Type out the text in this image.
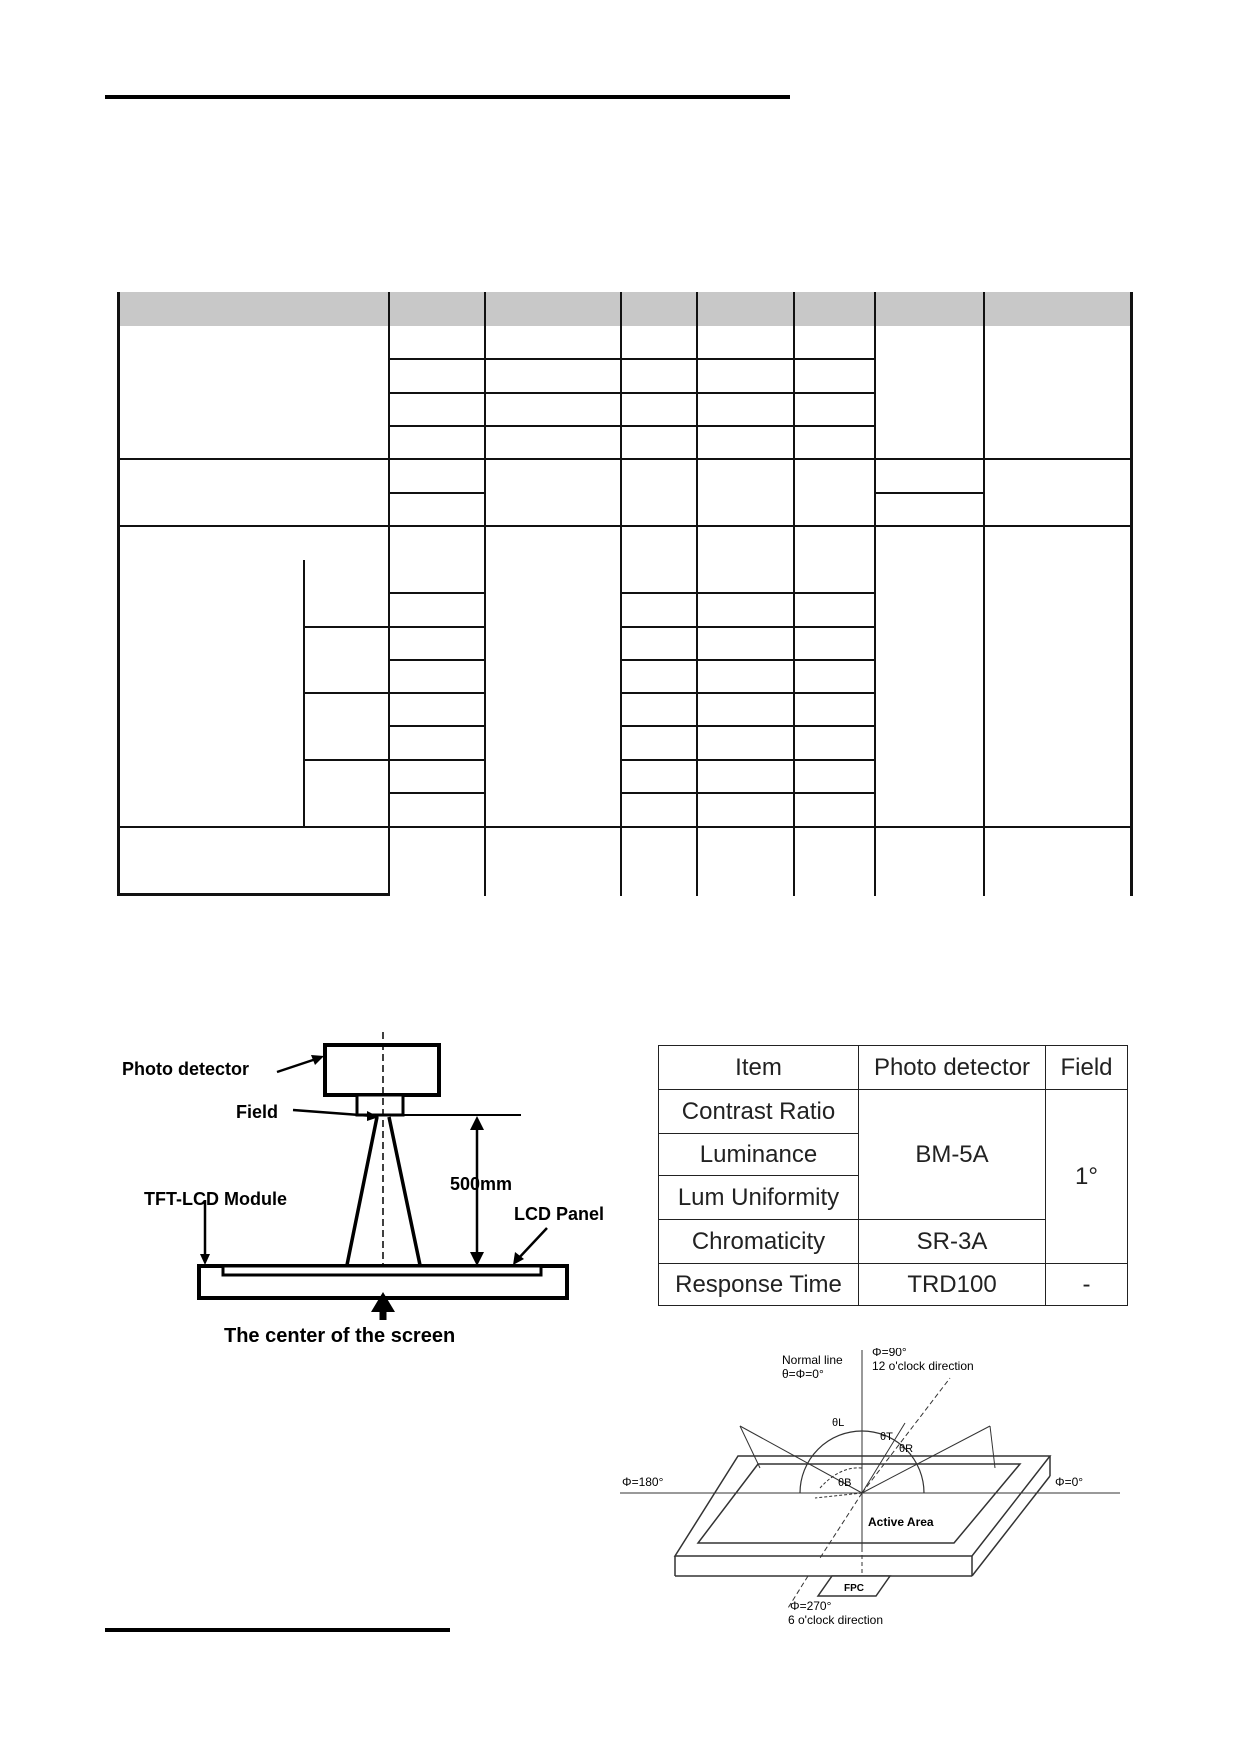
Photo detector
Field
500mm
TFT-LCD Module
LCD Panel
The center of the screen
Item	Photo detector	Field
Contrast Ratio	BM-5A	1°
Luminance		
Lum Uniformity		
Chromaticity	SR-3A	
Response Time	TRD100	-
Normal line
θ=Φ=0°
Φ=90°
12 o'clock direction
θL
θT
θR
θB
Φ=180°	Φ=0°
Active Area
FPC
Φ=270°
6 o'clock direction
